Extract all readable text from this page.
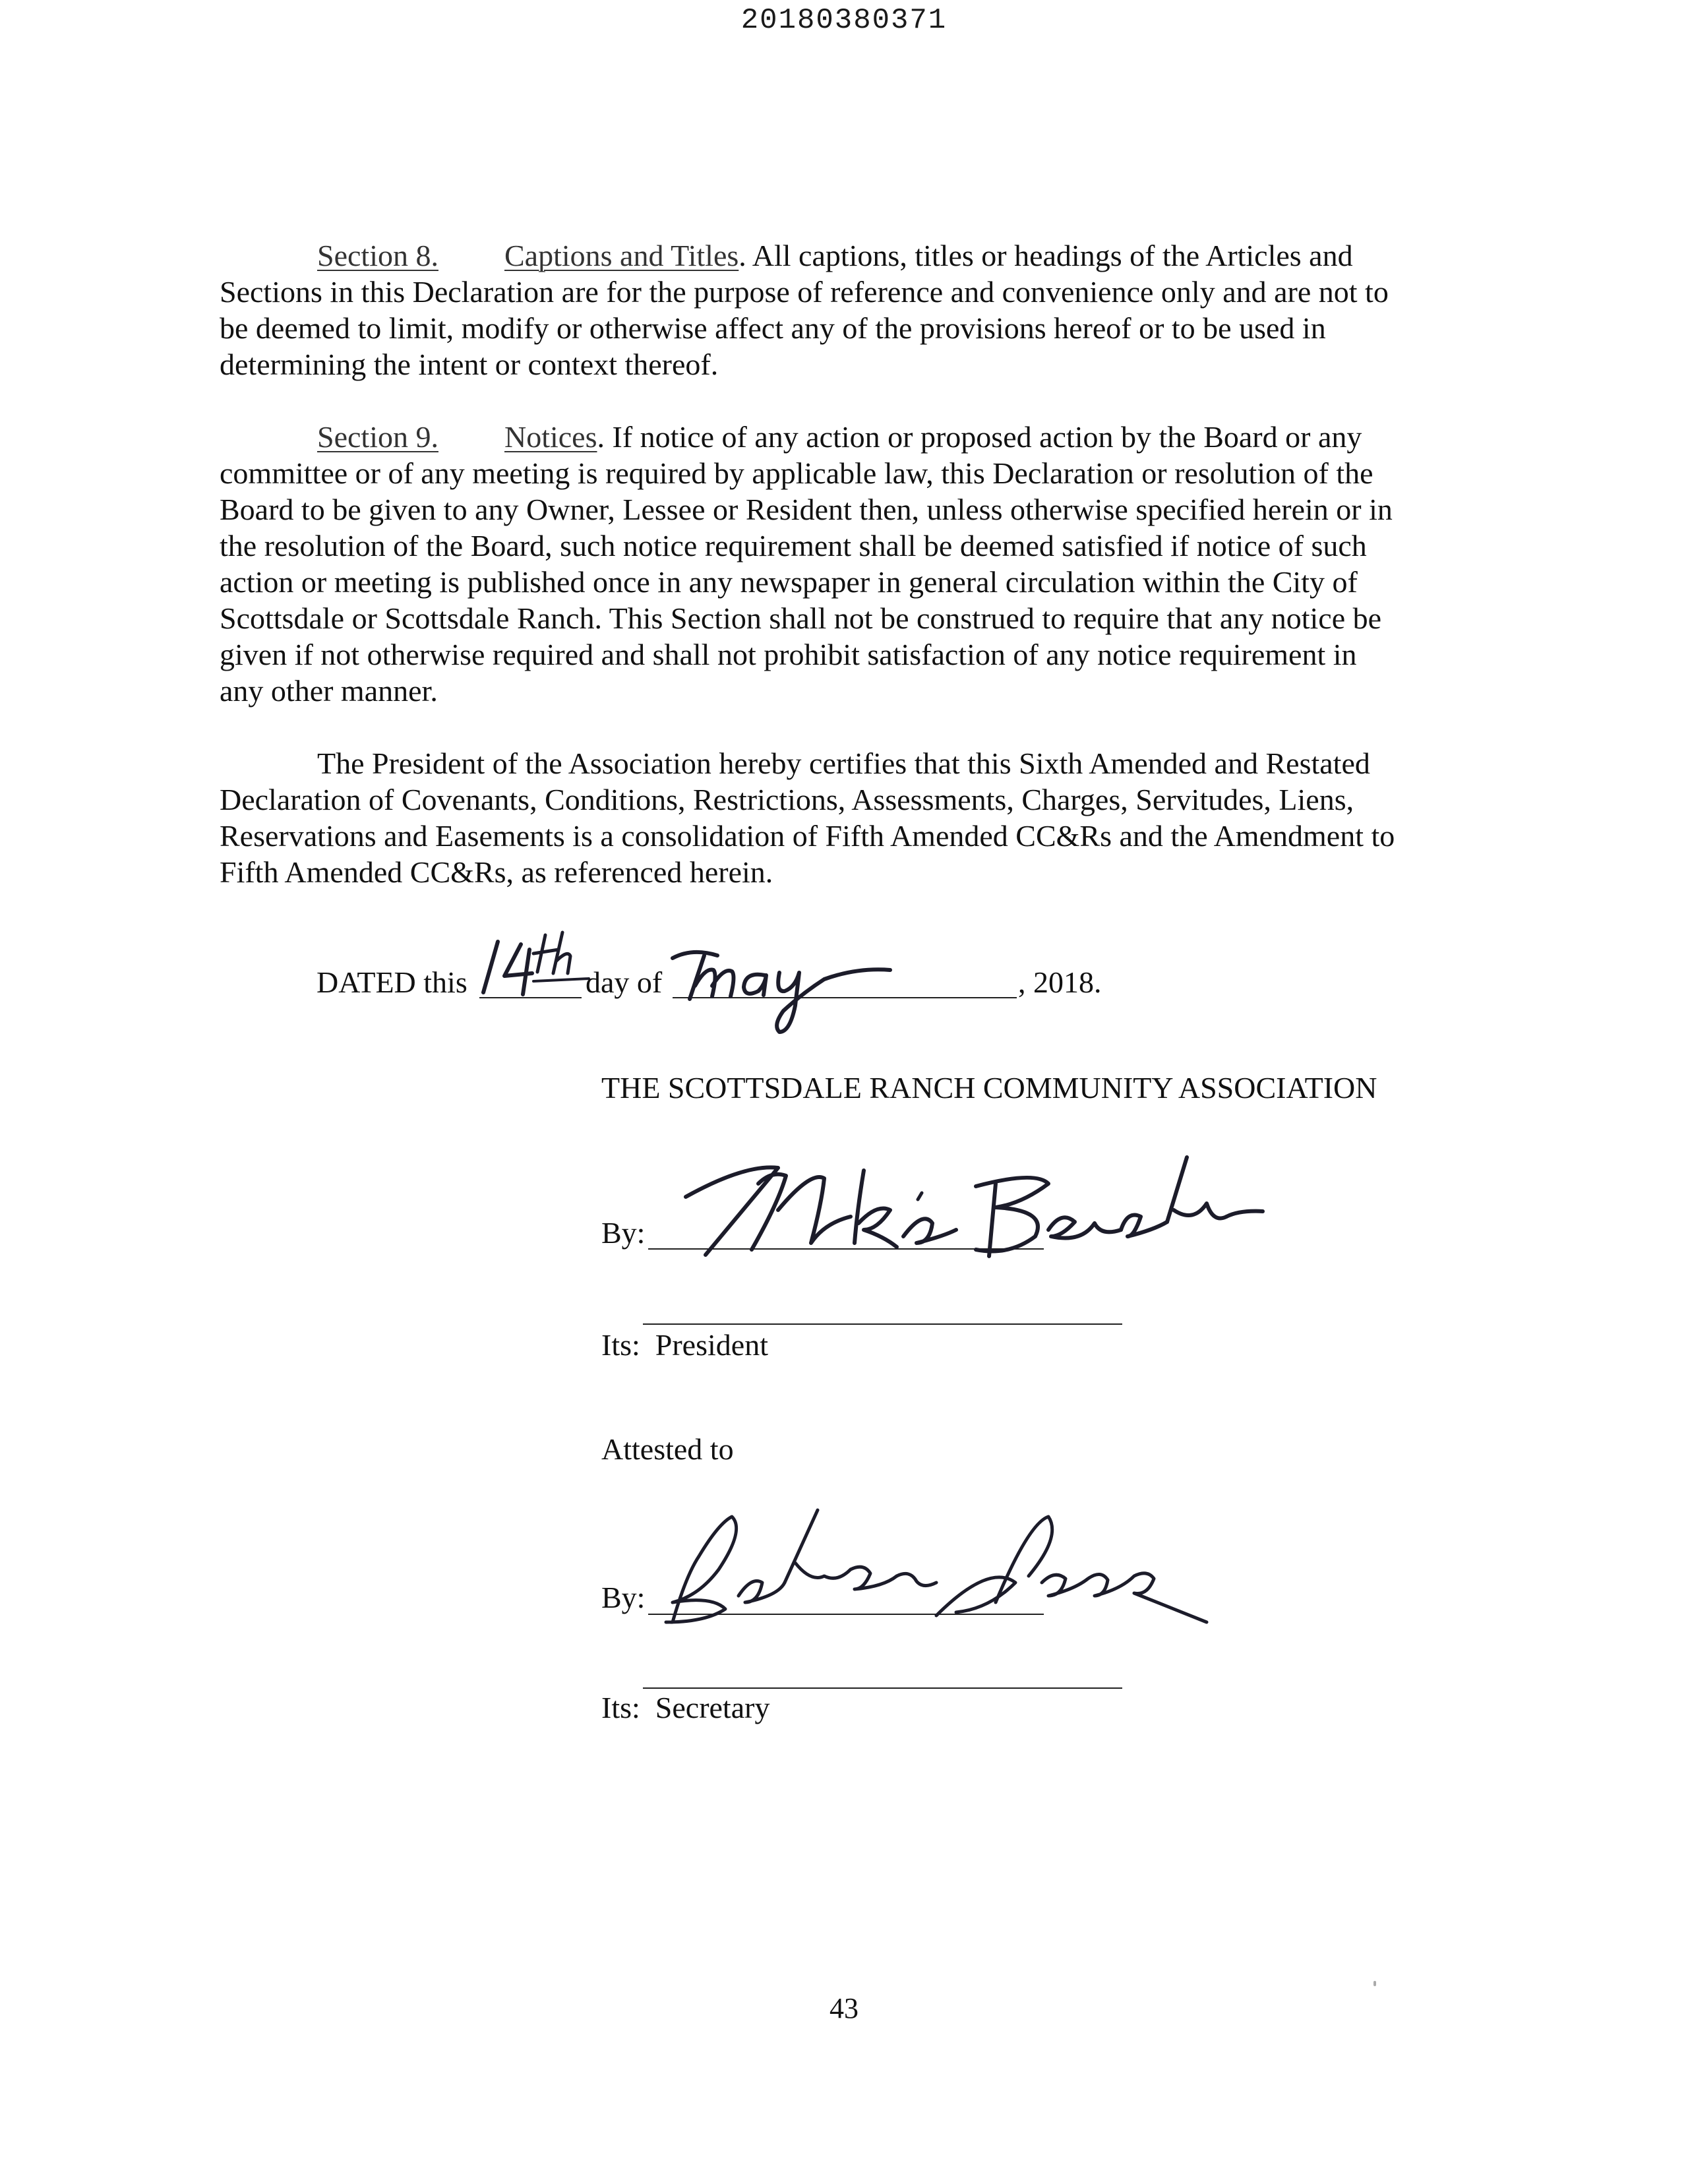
20180380371

Section 8. Captions and Titles. All captions, titles or headings of the Articles and
Sections in this Declaration are for the purpose of reference and convenience only and are not to
be deemed to limit, modify or otherwise affect any of the provisions hereof or to be used in
determining the intent or context thereof.

Section 9. Notices. If notice of any action or proposed action by the Board or any
committee or of any meeting is required by applicable law, this Declaration or resolution of the
Board to be given to any Owner, Lessee or Resident then, unless otherwise specified herein or in
the resolution of the Board, such notice requirement shall be deemed satisfied if notice of such
action or meeting is published once in any newspaper in general circulation within the City of
Scottsdale or Scottsdale Ranch. This Section shall not be construed to require that any notice be
given if not otherwise required and shall not prohibit satisfaction of any notice requirement in
any other manner.

The President of the Association hereby certifies that this Sixth Amended and Restated
Declaration of Covenants, Conditions, Restrictions, Assessments, Charges, Servitudes, Liens,
Reservations and Easements is a consolidation of Fifth Amended CC&Rs and the Amendment to
Fifth Amended CC&Rs, as referenced herein.

DATED this	day of	, 2018.
THE SCOTTSDALE RANCH COMMUNITY ASSOCIATION
By:
Its: President
Attested to
By:
Its: Secretary
43
